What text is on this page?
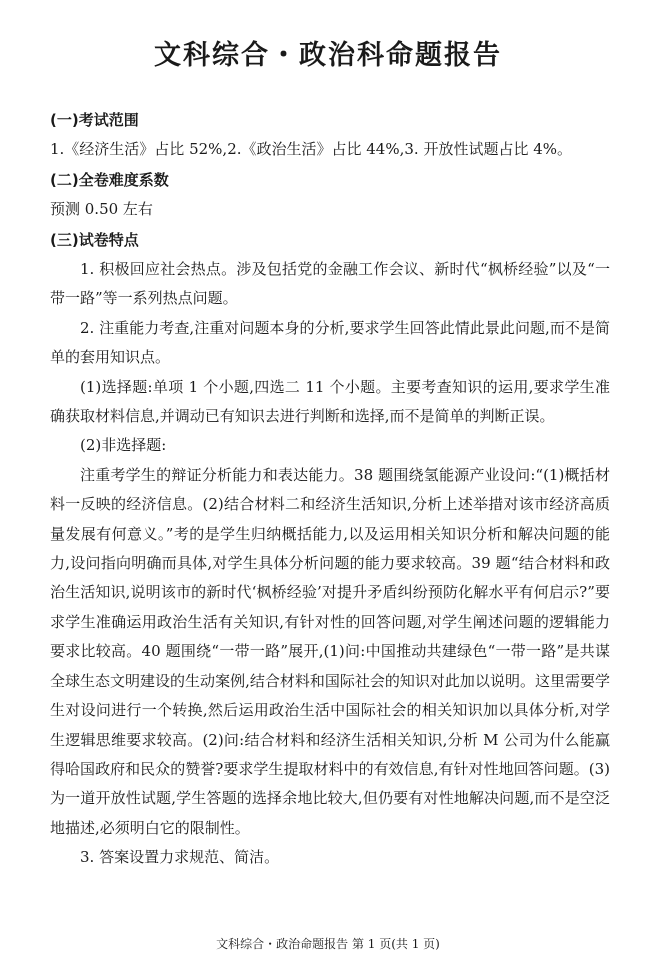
文科综合・政治科命题报告
(一)考试范围
1.《经济生活》占比 52%,2.《政治生活》占比 44%,3. 开放性试题占比 4%。
(二)全卷难度系数
预测 0.50 左右
(三)试卷特点

1. 积极回应社会热点。涉及包括党的金融工作会议、新时代“枫桥经验”以及“一带一路”等一系列热点问题。

2. 注重能力考查,注重对问题本身的分析,要求学生回答此情此景此问题,而不是简单的套用知识点。

(1)选择题:单项 1 个小题,四选二 11 个小题。主要考查知识的运用,要求学生准确获取材料信息,并调动已有知识去进行判断和选择,而不是简单的判断正误。

(2)非选择题:

注重考学生的辩证分析能力和表达能力。38 题围绕氢能源产业设问:“(1)概括材料一反映的经济信息。(2)结合材料二和经济生活知识,分析上述举措对该市经济高质量发展有何意义。”考的是学生归纳概括能力,以及运用相关知识分析和解决问题的能力,设问指向明确而具体,对学生具体分析问题的能力要求较高。39 题“结合材料和政治生活知识,说明该市的新时代‘枫桥经验’对提升矛盾纠纷预防化解水平有何启示?”要求学生准确运用政治生活有关知识,有针对性的回答问题,对学生阐述问题的逻辑能力要求比较高。40 题围绕“一带一路”展开,(1)问:中国推动共建绿色“一带一路”是共谋全球生态文明建设的生动案例,结合材料和国际社会的知识对此加以说明。这里需要学生对设问进行一个转换,然后运用政治生活中国际社会的相关知识加以具体分析,对学生逻辑思维要求较高。(2)问:结合材料和经济生活相关知识,分析 M 公司为什么能赢得哈国政府和民众的赞誉?要求学生提取材料中的有效信息,有针对性地回答问题。(3)为一道开放性试题,学生答题的选择余地比较大,但仍要有对性地解决问题,而不是空泛地描述,必须明白它的限制性。

3. 答案设置力求规范、简洁。

文科综合・政治命题报告 第 1 页(共 1 页)
